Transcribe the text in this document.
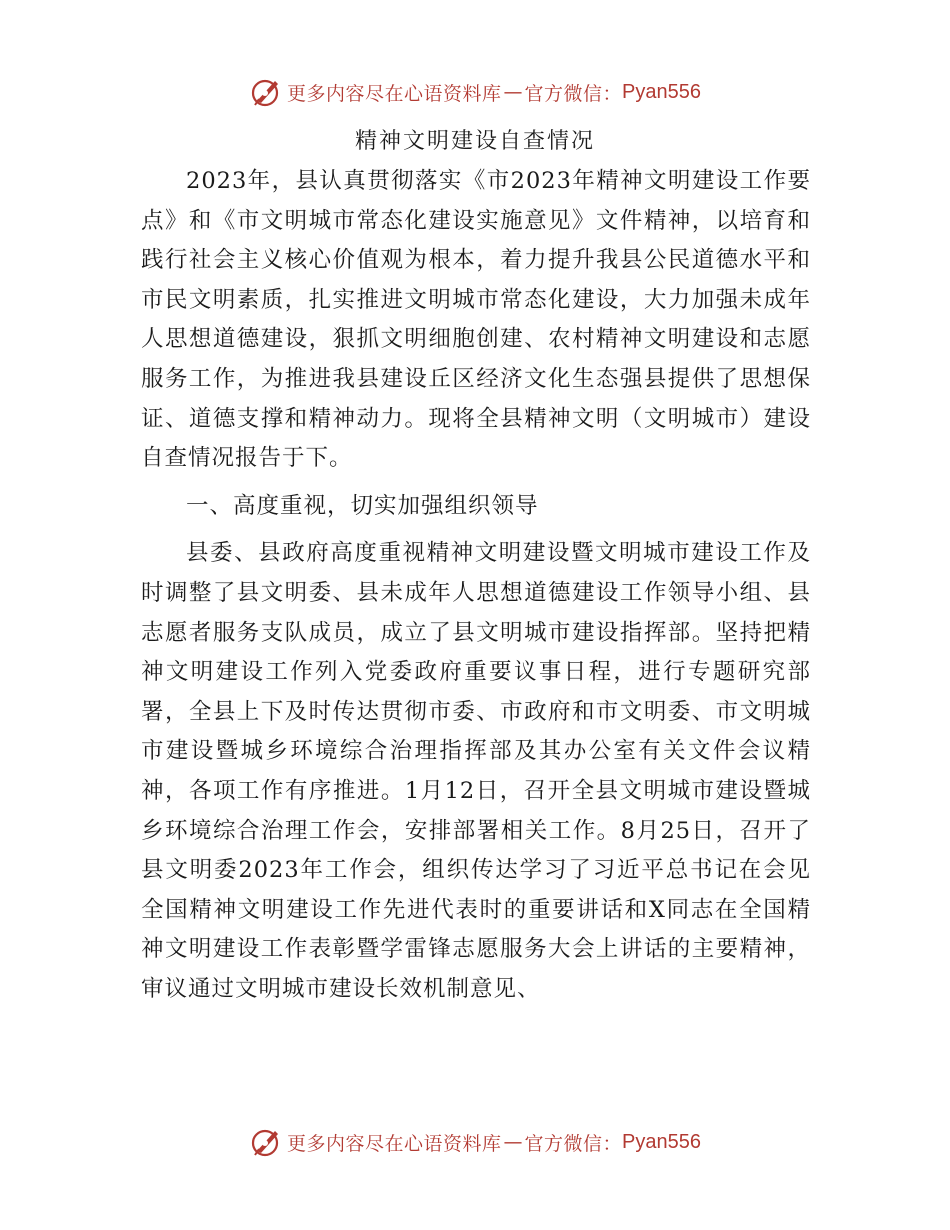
更多内容尽在心语资料库 — 官方微信： Pyan556
精神文明建设自查情况

2023年，县认真贯彻落实《市2023年精神文明建设工作要点》和《市文明城市常态化建设实施意见》文件精神，以培育和践行社会主义核心价值观为根本，着力提升我县公民道德水平和市民文明素质，扎实推进文明城市常态化建设，大力加强未成年人思想道德建设，狠抓文明细胞创建、农村精神文明建设和志愿服务工作，为推进我县建设丘区经济文化生态强县提供了思想保证、道德支撑和精神动力。现将全县精神文明（文明城市）建设自查情况报告于下。

一、高度重视，切实加强组织领导

县委、县政府高度重视精神文明建设暨文明城市建设工作及时调整了县文明委、县未成年人思想道德建设工作领导小组、县志愿者服务支队成员，成立了县文明城市建设指挥部。坚持把精神文明建设工作列入党委政府重要议事日程，进行专题研究部署，全县上下及时传达贯彻市委、市政府和市文明委、市文明城市建设暨城乡环境综合治理指挥部及其办公室有关文件会议精神，各项工作有序推进。1月12日，召开全县文明城市建设暨城乡环境综合治理工作会，安排部署相关工作。8月25日，召开了县文明委2023年工作会，组织传达学习了习近平总书记在会见全国精神文明建设工作先进代表时的重要讲话和X同志在全国精神文明建设工作表彰暨学雷锋志愿服务大会上讲话的主要精神，审议通过文明城市建设长效机制意见、

更多内容尽在心语资料库 — 官方微信： Pyan556
